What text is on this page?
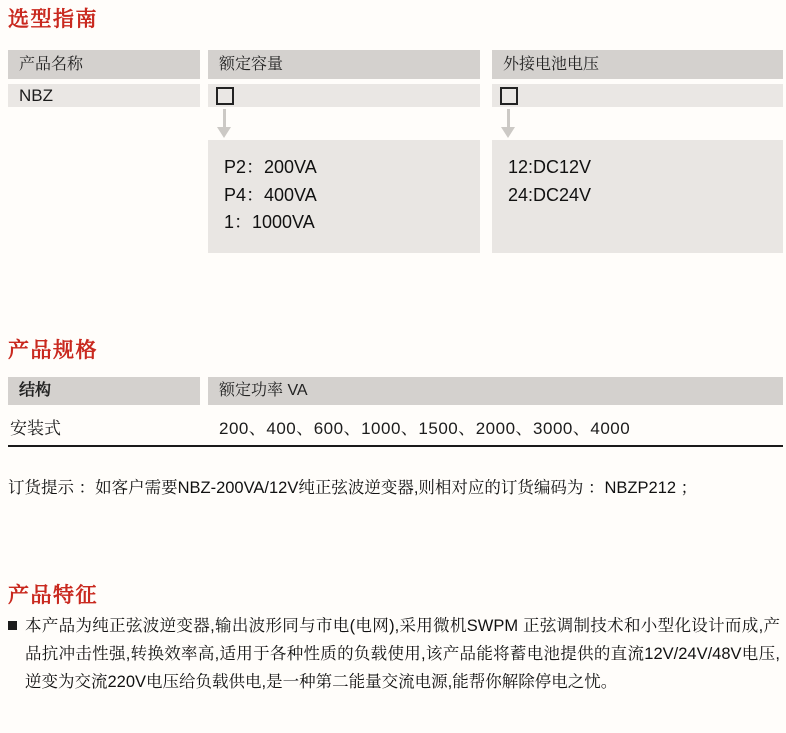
选型指南
产品名称
NBZ
额定容量
P2：200VA
P4：400VA
1：1000VA
外接电池电压
12:DC12V
24:DC24V
产品规格
结构	额定功率 VA
安装式	200、400、600、1000、1500、2000、3000、4000
订货提示 ：如客户需要NBZ-200VA/12V纯正弦波逆变器,则相对应的订货编码为 ：NBZP212 ；
产品特征

本产品为纯正弦波逆变器,输出波形同与市电(电网),采用微机SWPM 正弦调制技术和小型化设计而成,产品抗冲击性强,转换效率高,适用于各种性质的负载使用,该产品能将蓄电池提供的直流12V/24V/48V电压,逆变为交流220V电压给负载供电,是一种第二能量交流电源,能帮你解除停电之忧。
